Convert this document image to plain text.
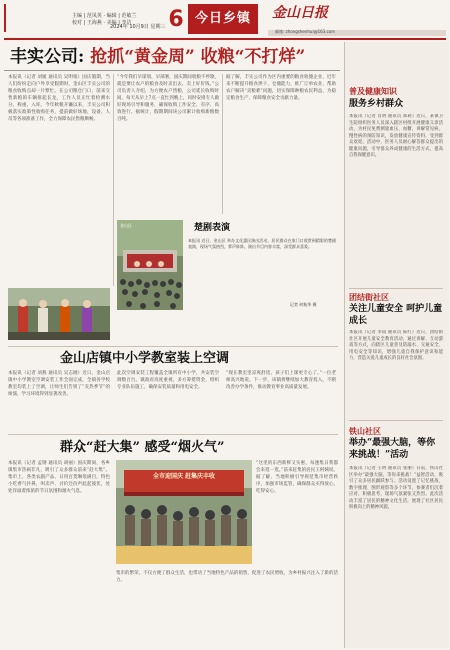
主编 | 范凤英 · 编辑 | 范敏兰
校对 | 王海燕 · 美编 | 李洁
2024年 10月9日 星期三 6 今日乡镇	金山日报
邮箱: zhongshenhui@163.com
丰实公司: 抢抓“黄金周” 收粮“不打烊”
本报讯（记者 刘媛 通讯员 吴明娟）国庆假期，当人们纷纷走向户外享受假期时，金山区丰实公司的粮食收购点却一片繁忙。在公司粮仓门口，前来交售新粮的车辆排起长龙，工作人员正忙着检测水分、称重、入库。今年秋粮开镰以来，丰实公司积极落实政策性收购任务，提前做好场地、设备、人员等各项准备工作，全力保障农民售粮顺畅。
“今年我们早谋划、早部署，国庆期间收粮不停歇，就是要让农户的粮食及时卖出去、卖上好价钱。”公司负责人介绍，为方便农户售粮，公司延长收购时间，每天从早上7点一直忙到晚上，同时安排专人做好现场引导和服务，确保收购工作安全、有序、高效进行。据统计，假期期间该公司累计收购新粮数百吨。
据了解，丰实公司作为区内重要的粮食收储企业，近年来不断提升粮食烘干、仓储能力，推广订单农业，帮助农户解决“卖粮难”问题，切实保障种粮农民利益，为稳定粮食生产、保障粮食安全贡献力量。
金山区	楚剧表演
本报讯 近日，金山区 举办文化惠民演出活动，居民群众在家门口欣赏到精彩的楚剧表演，现场气氛热烈，掌声阵阵。演出节目内容丰富，深受群众喜爱。
记者 何秋华 摄
金山店镇中小学教室装上空调
本报讯（记者 刘燕 通讯员 吴志刚）近日，金山店镇中小学教室空调安装工作全面完成，全镇各学校教室均装上了空调，让师生们告别了“炎热季节”的烦恼，学习环境得到显著改善。
此次空调安装工程覆盖全镇所有中小学，共安装空调数百台。镇政府高度重视，多方筹措资金，组织专业队伍施工，确保安装质量和用电安全。
“现在教室里凉爽舒适，孩子们上课更专心了。”一位老师高兴地说。下一步，该镇将继续加大教育投入，不断改善办学条件，推动教育事业高质量发展。
群众“赶大集” 感受“烟火气”
本报讯（记者 孟钢 通讯员 胡丽）国庆期间，各乡镇集市热闹非凡，吸引了众多群众前来“赶大集”。集市上，各类农副产品、日用百货琳琅满目，特色小吃香气扑鼻，叫卖声、讨价还价声此起彼伏，处处洋溢着浓浓的节日氛围和烟火气息。
全市迎国庆 赶集庆丰收
“这里的东西新鲜又实惠，每逢集日我都会来逛一逛。”前来赶集的居民王阿姨说。据了解，当地积极引导规范集市经营秩序，加强市场监管，确保群众买得放心、吃得安心。
集市的繁荣，不仅方便了群众生活，也带动了当地特色产品的销售，促进了农民增收，为乡村振兴注入了新的活力。
普及健康知识
服务乡村群众
本报讯（记者 肖明 通讯员 郑莉）近日，某镇卫生院组织医务人员深入辖区村组开展健康义诊活动，为村民免费测量血压、血糖，讲解常见病、慢性病的预防知识，发放健康宣传资料，受到群众欢迎。活动中，医务人员耐心解答群众提出的健康问题，引导群众养成健康的生活方式，提高自我保健意识。
团结街社区
关注儿童安全 呵护儿童成长
本报讯（记者 李雨 通讯员 陈红）近日，团结街社区开展儿童安全教育活动，通过讲解、互动游戏等方式，向辖区儿童普及防溺水、交通安全、用电安全等知识，增强儿童自我保护意识和能力，营造关爱儿童成长的良好社会氛围。
铁山社区
举办“最强大脑，等你来挑战！”活动
本报讯（记者 王明 通讯员 张丽）日前，铁山社区举办“最强大脑，等你来挑战！”益智活动，吸引了众多居民踊跃参与。活动设置了记忆挑战、数字推理、图形观察等多个环节，参赛者们沉着应对、积极思考，现场气氛紧张又热烈。此次活动丰富了居民的精神文化生活，展现了社区居民积极向上的精神风貌。
